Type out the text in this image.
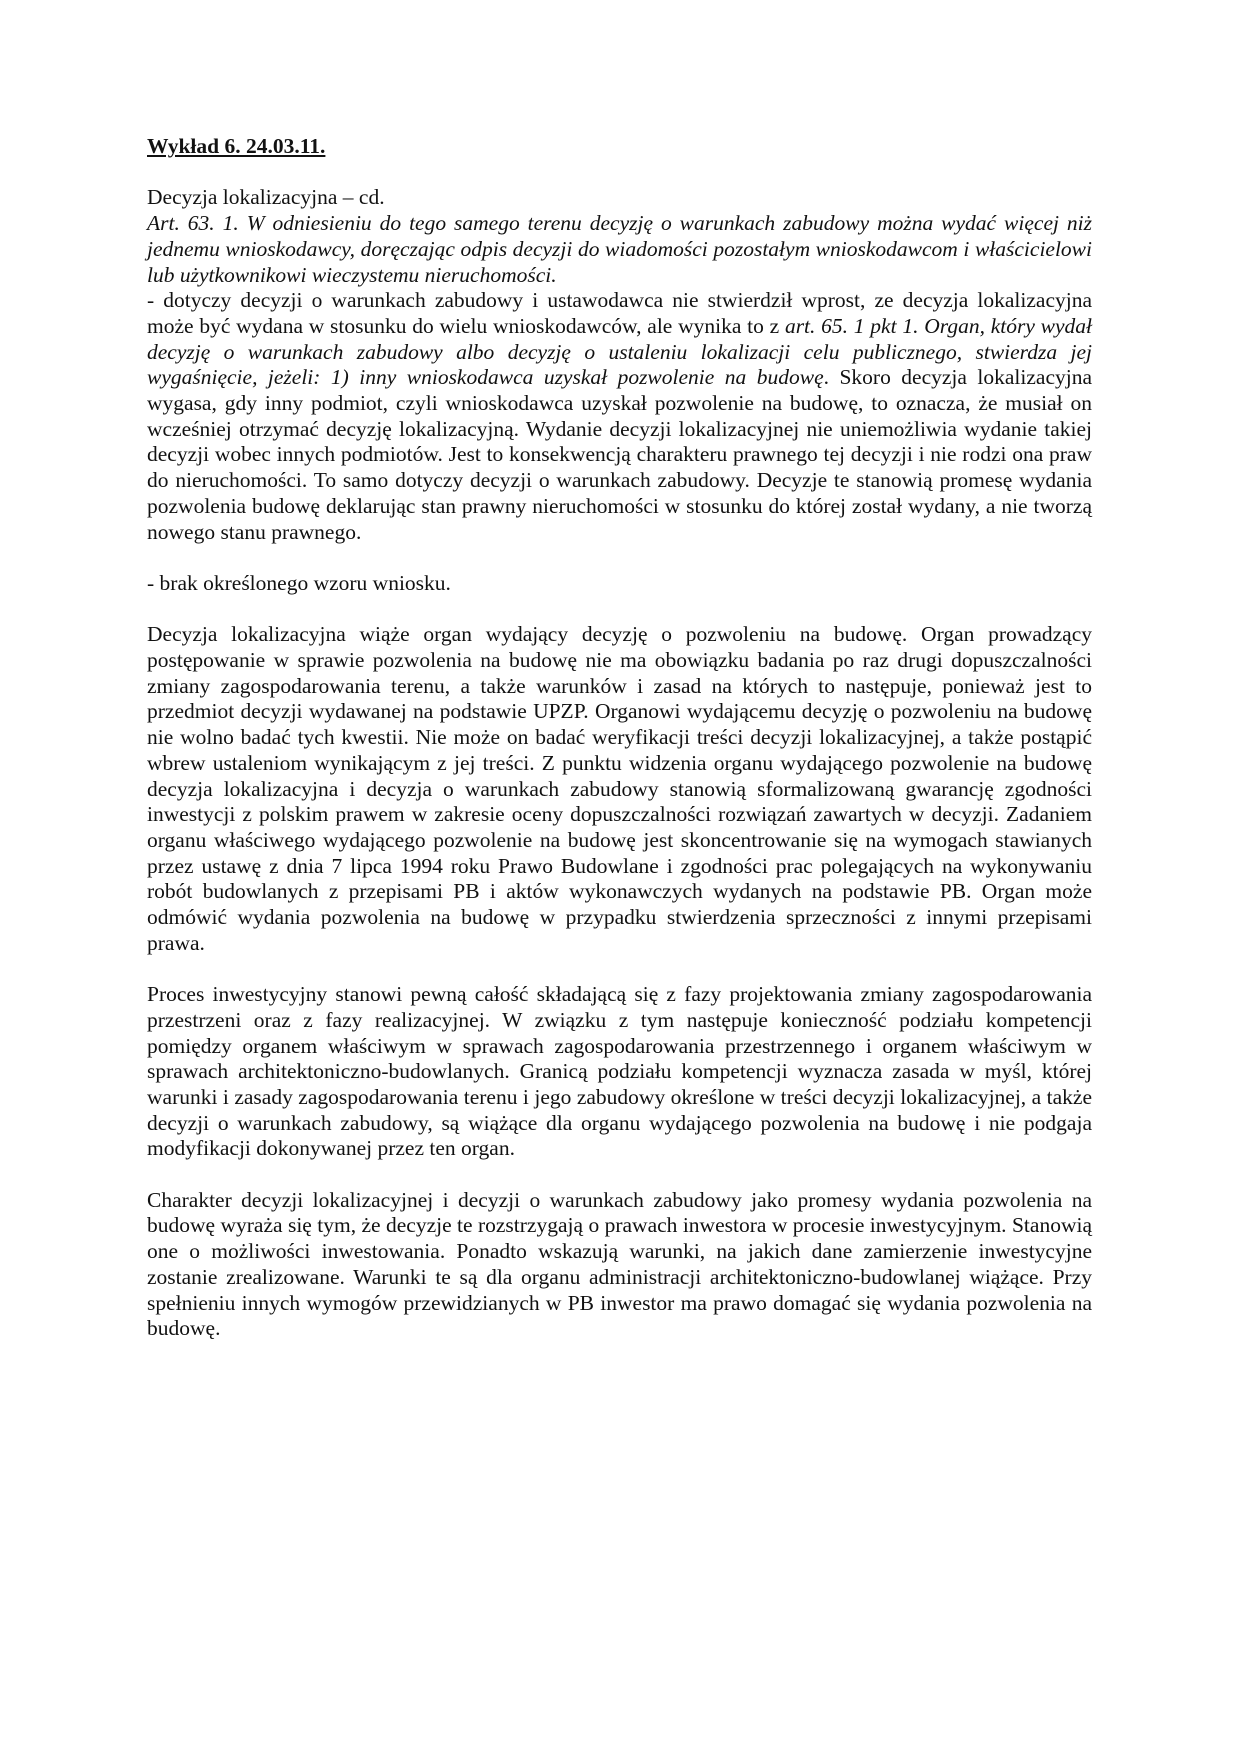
Wykład 6. 24.03.11.

Decyzja lokalizacyjna – cd.

Art. 63. 1. W odniesieniu do tego samego terenu decyzję o warunkach zabudowy można wydać więcej niż jednemu wnioskodawcy, doręczając odpis decyzji do wiadomości pozostałym wnioskodawcom i właścicielowi lub użytkownikowi wieczystemu nieruchomości.

- dotyczy decyzji o warunkach zabudowy i ustawodawca nie stwierdził wprost, ze decyzja lokalizacyjna może być wydana w stosunku do wielu wnioskodawców, ale wynika to z art. 65. 1 pkt 1. Organ, który wydał decyzję o warunkach zabudowy albo decyzję o ustaleniu lokalizacji celu publicznego, stwierdza jej wygaśnięcie, jeżeli: 1) inny wnioskodawca uzyskał pozwolenie na budowę. Skoro decyzja lokalizacyjna wygasa, gdy inny podmiot, czyli wnioskodawca uzyskał pozwolenie na budowę, to oznacza, że musiał on wcześniej otrzymać decyzję lokalizacyjną. Wydanie decyzji lokalizacyjnej nie uniemożliwia wydanie takiej decyzji wobec innych podmiotów. Jest to konsekwencją charakteru prawnego tej decyzji i nie rodzi ona praw do nieruchomości. To samo dotyczy decyzji o warunkach zabudowy. Decyzje te stanowią promesę wydania pozwolenia budowę deklarując stan prawny nieruchomości w stosunku do której został wydany, a nie tworzą nowego stanu prawnego.

- brak określonego wzoru wniosku.

Decyzja lokalizacyjna wiąże organ wydający decyzję o pozwoleniu na budowę. Organ prowadzący postępowanie w sprawie pozwolenia na budowę nie ma obowiązku badania po raz drugi dopuszczalności zmiany zagospodarowania terenu, a także warunków i zasad na których to następuje, ponieważ jest to przedmiot decyzji wydawanej na podstawie UPZP. Organowi wydającemu decyzję o pozwoleniu na budowę nie wolno badać tych kwestii. Nie może on badać weryfikacji treści decyzji lokalizacyjnej, a także postąpić wbrew ustaleniom wynikającym z jej treści. Z punktu widzenia organu wydającego pozwolenie na budowę decyzja lokalizacyjna i decyzja o warunkach zabudowy stanowią sformalizowaną gwarancję zgodności inwestycji z polskim prawem w zakresie oceny dopuszczalności rozwiązań zawartych w decyzji. Zadaniem organu właściwego wydającego pozwolenie na budowę jest skoncentrowanie się na wymogach stawianych przez ustawę z dnia 7 lipca 1994 roku Prawo Budowlane i zgodności prac polegających na wykonywaniu robót budowlanych z przepisami PB i aktów wykonawczych wydanych na podstawie PB. Organ może odmówić wydania pozwolenia na budowę w przypadku stwierdzenia sprzeczności z innymi przepisami prawa.

Proces inwestycyjny stanowi pewną całość składającą się z fazy projektowania zmiany zagospodarowania przestrzeni oraz z fazy realizacyjnej. W związku z tym następuje konieczność podziału kompetencji pomiędzy organem właściwym w sprawach zagospodarowania przestrzennego i organem właściwym w sprawach architektoniczno-budowlanych. Granicą podziału kompetencji wyznacza zasada w myśl, której warunki i zasady zagospodarowania terenu i jego zabudowy określone w treści decyzji lokalizacyjnej, a także decyzji o warunkach zabudowy, są wiążące dla organu wydającego pozwolenia na budowę i nie podgaja modyfikacji dokonywanej przez ten organ.

Charakter decyzji lokalizacyjnej i decyzji o warunkach zabudowy jako promesy wydania pozwolenia na budowę wyraża się tym, że decyzje te rozstrzygają o prawach inwestora w procesie inwestycyjnym. Stanowią one o możliwości inwestowania. Ponadto wskazują warunki, na jakich dane zamierzenie inwestycyjne zostanie zrealizowane. Warunki te są dla organu administracji architektoniczno-budowlanej wiążące. Przy spełnieniu innych wymogów przewidzianych w PB inwestor ma prawo domagać się wydania pozwolenia na budowę.
